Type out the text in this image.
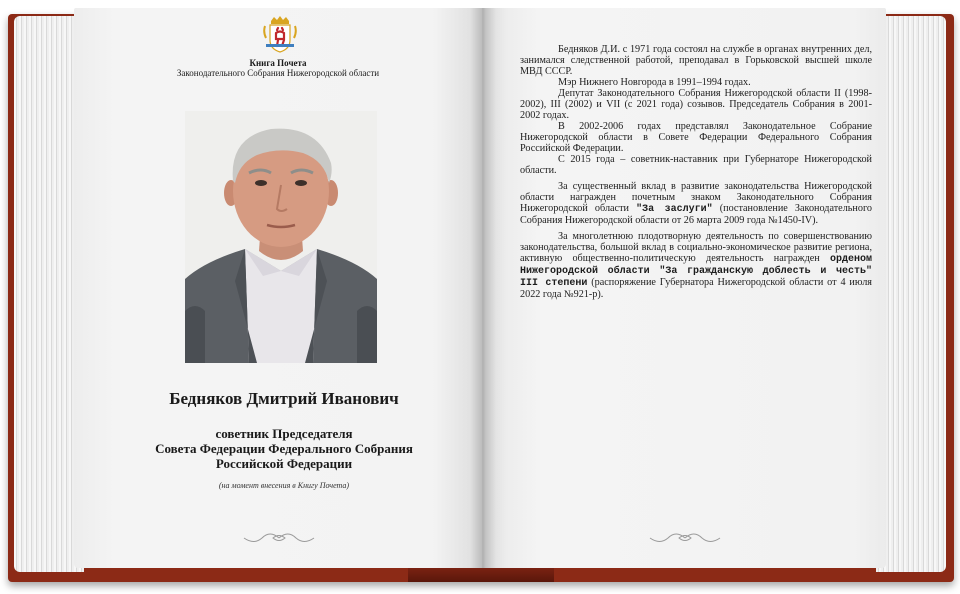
Книга Почета
Законодательного Собрания Нижегородской области
Бедняков Дмитрий Иванович
советник Председателя
Совета Федерации Федерального Собрания
Российской Федерации
(на момент внесения в Книгу Почета)

Бедняков Д.И. с 1971 года состоял на службе в органах внутренних дел, занимался следственной работой, преподавал в Горьковской высшей школе МВД СССР.

Мэр Нижнего Новгорода в 1991–1994 годах.

Депутат Законодательного Собрания Нижегородской области II (1998-2002), III (2002) и VII (с 2021 года) созывов. Председатель Собрания в 2001-2002 годах.

В 2002-2006 годах представлял Законодательное Собрание Нижегородской области в Совете Федерации Федерального Собрания Российской Федерации.

С 2015 года – советник-наставник при Губернаторе Нижегородской области.

За существенный вклад в развитие законодательства Нижегородской области награжден почетным знаком Законодательного Собрания Нижегородской области "За заслуги" (постановление Законодательного Собрания Нижегородской области от 26 марта 2009 года №1450-IV).

За многолетнюю плодотворную деятельность по совершенствованию законодательства, большой вклад в социально-экономическое развитие региона, активную общественно-политическую деятельность награжден орденом Нижегородской области "За гражданскую доблесть и честь" III степени (распоряжение Губернатора Нижегородской области от 4 июля 2022 года №921-р).
